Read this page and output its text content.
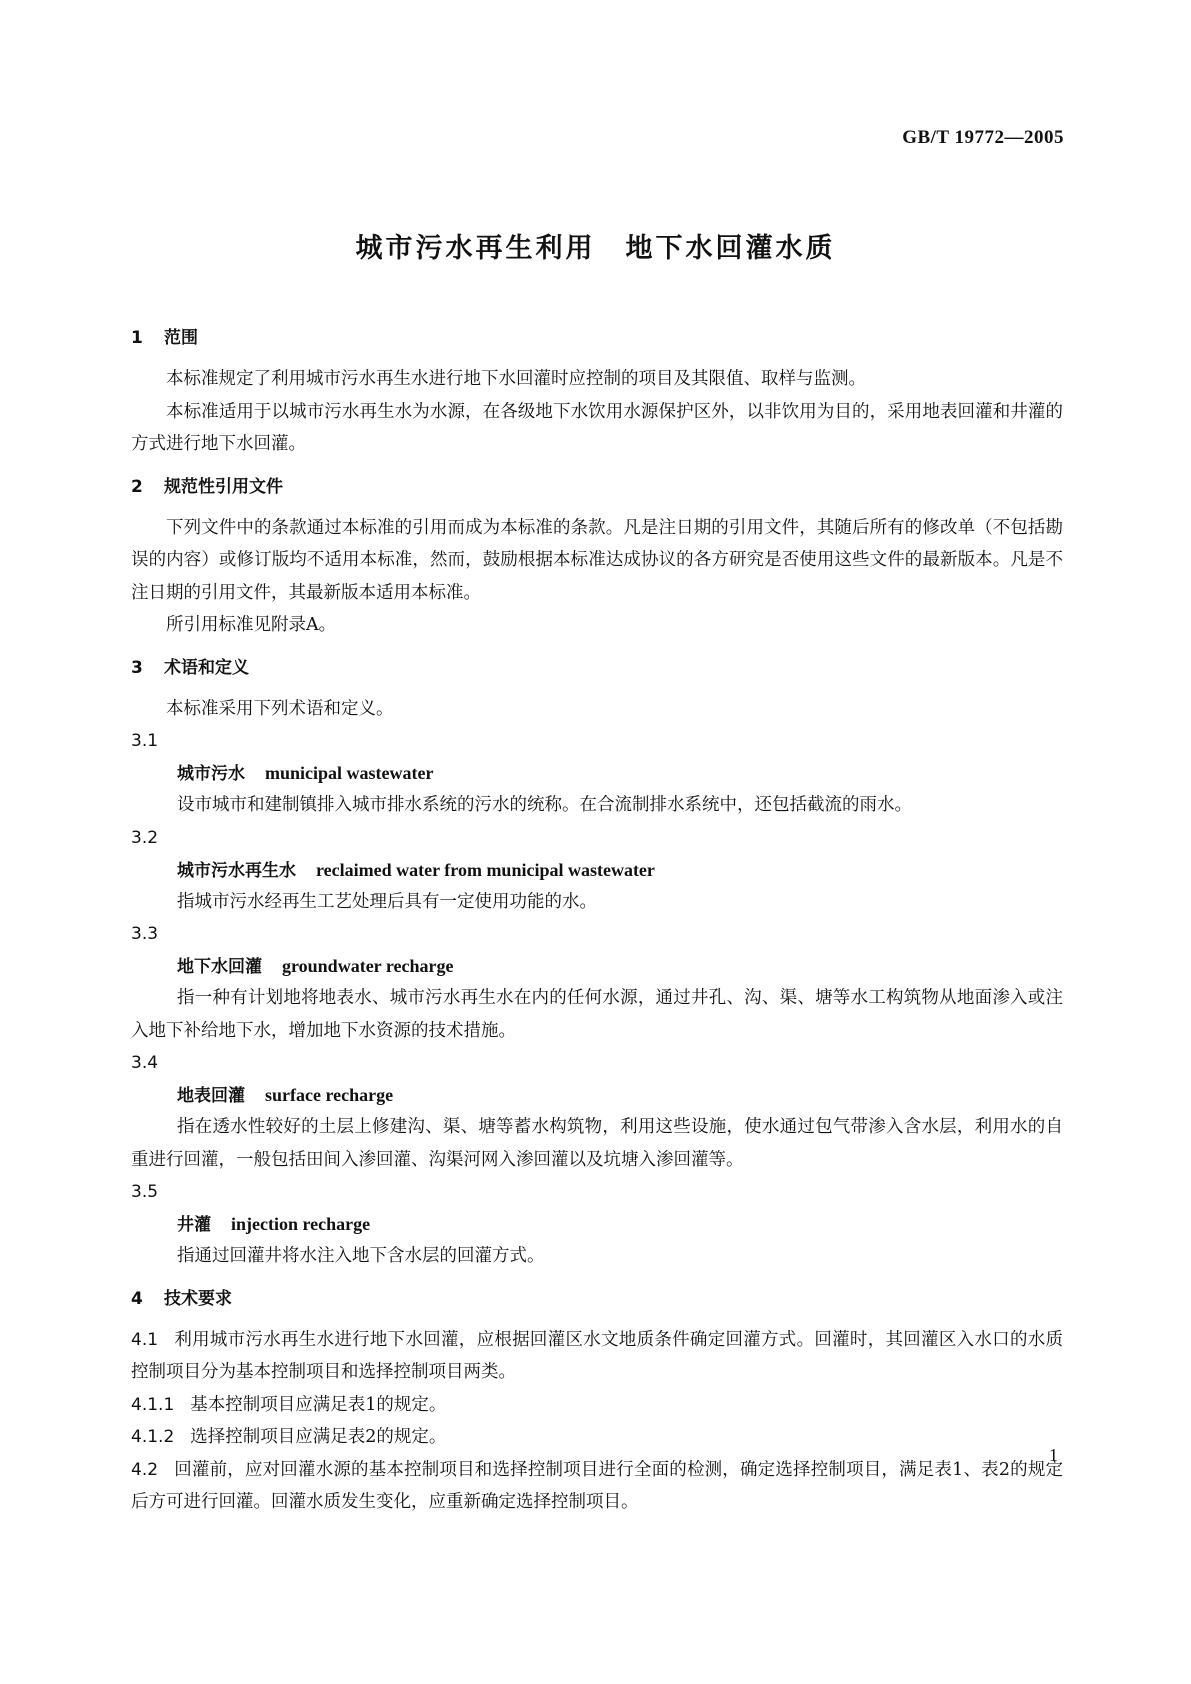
GB/T 19772—2005
城市污水再生利用　地下水回灌水质
1 范围

本标准规定了利用城市污水再生水进行地下水回灌时应控制的项目及其限值、取样与监测。

本标准适用于以城市污水再生水为水源，在各级地下水饮用水源保护区外，以非饮用为目的，采用地表回灌和井灌的方式进行地下水回灌。

2 规范性引用文件

下列文件中的条款通过本标准的引用而成为本标准的条款。凡是注日期的引用文件，其随后所有的修改单（不包括勘误的内容）或修订版均不适用本标准，然而，鼓励根据本标准达成协议的各方研究是否使用这些文件的最新版本。凡是不注日期的引用文件，其最新版本适用本标准。

所引用标准见附录A。

3 术语和定义

本标准采用下列术语和定义。

3.1
城市污水 municipal wastewater

设市城市和建制镇排入城市排水系统的污水的统称。在合流制排水系统中，还包括截流的雨水。

3.2
城市污水再生水 reclaimed water from municipal wastewater

指城市污水经再生工艺处理后具有一定使用功能的水。

3.3
地下水回灌 groundwater recharge

指一种有计划地将地表水、城市污水再生水在内的任何水源，通过井孔、沟、渠、塘等水工构筑物从地面渗入或注入地下补给地下水，增加地下水资源的技术措施。

3.4
地表回灌 surface recharge

指在透水性较好的土层上修建沟、渠、塘等蓄水构筑物，利用这些设施，使水通过包气带渗入含水层，利用水的自重进行回灌，一般包括田间入渗回灌、沟渠河网入渗回灌以及坑塘入渗回灌等。

3.5
井灌 injection recharge

指通过回灌井将水注入地下含水层的回灌方式。

4 技术要求

4.1 利用城市污水再生水进行地下水回灌，应根据回灌区水文地质条件确定回灌方式。回灌时，其回灌区入水口的水质控制项目分为基本控制项目和选择控制项目两类。

4.1.1 基本控制项目应满足表1的规定。

4.1.2 选择控制项目应满足表2的规定。

4.2 回灌前，应对回灌水源的基本控制项目和选择控制项目进行全面的检测，确定选择控制项目，满足表1、表2的规定后方可进行回灌。回灌水质发生变化，应重新确定选择控制项目。

1
